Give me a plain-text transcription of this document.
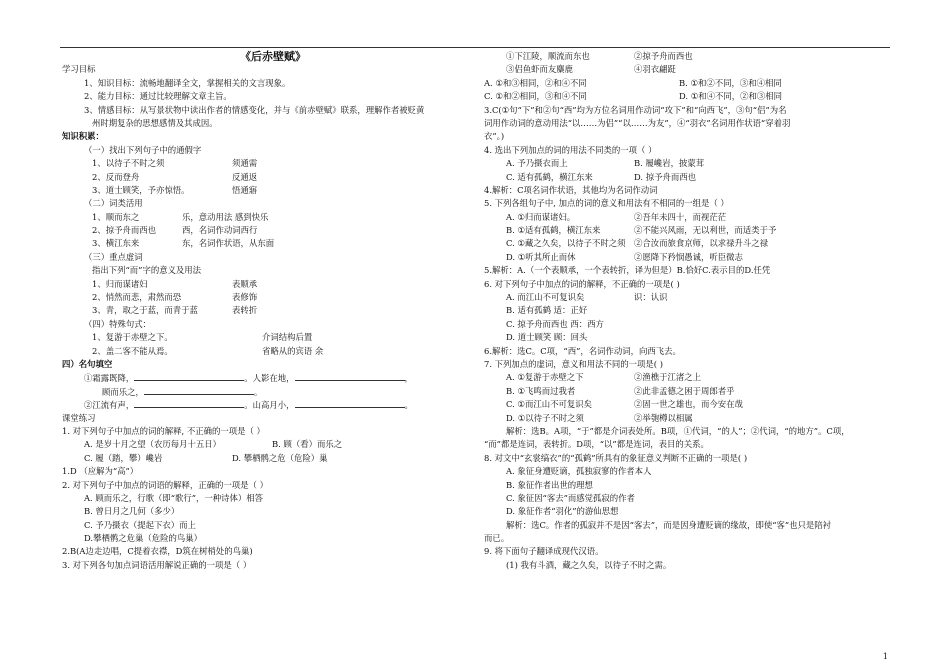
《后赤壁赋》
学习目标
1、知识目标：流畅地翻译全文，掌握相关的文言现象。
2、能力目标：通过比较理解文章主旨。
3、情感目标：从写景状物中读出作者的情感变化，并与《前赤壁赋》联系，理解作者被贬黄
州时期复杂的思想感情及其成因。
知识积累：
（一）找出下列句子中的通假字
1、以待子不时之须	须通需
2、反而登舟	反通返
3、道士顾笑，予亦惊悟。	悟通寤
（二）词类活用
1、顺而东之	乐，意动用法 感到快乐
2、掠予舟而西也	西，名词作动词西行
3、横江东来	东，名词作状语，从东面
（三）重点虚词
指出下列“而”字的意义及用法
1、归而谋诸妇	表顺承
2、悄然而悲，肃然而恐	表修饰
3、青，取之于蓝，而青于蓝	表转折
（四）特殊句式：
1、复游于赤壁之下。	介词结构后置
2、盖二客不能从焉。	省略从的宾语 余
四）名句填空
①霜露既降，	。人影在地，	，
顾而乐之，	。
②江流有声，	。山高月小，	。
课堂练习
1. 对下列句子中加点的词的解释, 不正确的一项是（ ）
A. 是岁十月之望（农历每月十五日）	B. 顾（看）而乐之
C. 履（踏，攀）巉岩	D. 攀栖鹘之危（危险）巢
1.D （应解为“高”）
2. 对下列句子中加点的词语的解释，正确的一项是（ ）
A. 顾而乐之，行歌（即“歌行”，一种诗体）相答
B. 曾日月之几何（多少）
C. 予乃摄衣（提起下衣）而上
D.攀栖鹘之危巢（危险的鸟巢）
2.B(A边走边唱，C提着衣襟，D筑在树梢处的鸟巢)
3. 对下列各句加点词语活用解说正确的一项是（ ）
①下江陵，顺流而东也	②掠予舟而西也
③侣鱼虾而友麋鹿	④羽衣翩跹
A. ①和③相同，②和④不同	B. ①和②不同，③和④相同
C. ①和②相同，③和④不同	D. ①和④不同，②和③相同
3.C(①句“下”和②句“西”均为方位名词用作动词“攻下”和“向西飞”，③句“侣”为名
词用作动词的意动用法“以……为侣”“以……为友”，④“羽衣”名词用作状语“穿着羽
衣”。)
4. 选出下列加点的词的用法不同类的一项（ ）
A. 予乃摄衣而上	B. 履巉岩，披蒙茸
C. 适有孤鹤，横江东来	D. 掠予舟而西也
4.解析：C项名词作状语，其他均为名词作动词
5. 下列各组句子中, 加点的词的意义和用法有不相同的一组是（ ）
A. ①归而谋诸妇。	②吾年未四十，而视茫茫
B. ①适有孤鹤，横江东来	②不能兴风雨，无以利世，而适类于予
C. ①藏之久矣，以待子不时之须 ②合汝而旅食京师，以求禄升斗之禄
D. ①听其所止而休	②愿降下矜悯愚诚，听臣微志
5.解析：A.（一个表顺承，一个表转折，译为但是）B.恰好C.表示目的D.任凭
6. 对下列句子中加点的词的解释，不正确的一项是( )
A. 而江山不可复识矣	识：认识
B. 适有孤鹤 适：正好
C. 掠予舟而西也 西：西方
D. 道士顾笑 顾：回头
6.解析：选C。C项，“西”，名词作动词，向西飞去。
7. 下列加点的虚词，意义和用法不同的一项是( )
A. ①复游于赤壁之下	②渔樵于江渚之上
B. ①飞鸣而过我者	②此非孟德之困于周郎者乎
C. ①而江山不可复识矣	②固一世之雄也，而今安在哉
D. ①以待子不时之须	②举匏樽以相属
解析：选B。A项，“于”都是介词表处所。B项，①代词，“的人”；②代词，“的地方”。C项，
“而”都是连词，表转折。D项，“以”都是连词，表目的关系。
8. 对文中“玄裳缟衣”的“孤鹤”所具有的象征意义判断不正确的一项是( )
A. 象征身遭贬谪，孤独寂寥的作者本人
B. 象征作者出世的理想
C. 象征因“客去”而感觉孤寂的作者
D. 象征作者“羽化”的游仙思想
解析：选C。作者的孤寂并不是因“客去”，而是因身遭贬谪的缘故，即使“客”也只是陪衬
而已。
9. 将下面句子翻译成现代汉语。
(1) 我有斗酒，藏之久矣，以待子不时之需。
1
